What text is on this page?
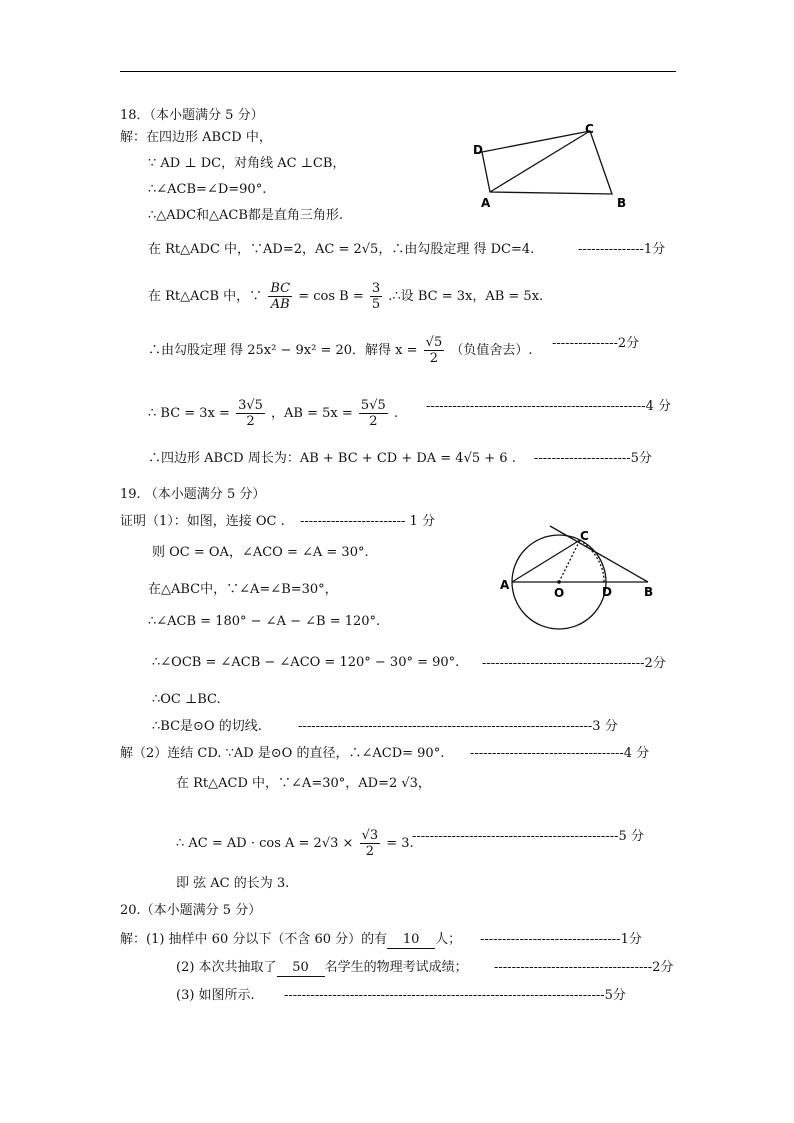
18．（本小题满分 5 分）
解：在四边形 ABCD 中，
∵ AD ⊥ DC，对角线 AC ⊥CB，
∴∠ACB=∠D=90°.
∴△ADC和△ACB都是直角三角形.
在 Rt△ADC 中，∵AD=2，AC = 2√5，∴由勾股定理 得 DC=4.	---------------1分
在 Rt△ACB 中，∵ $\frac{BC}{AB} = \cos B = \frac{3}{5}$ .∴设 BC = 3x，AB = 5x.
∴由勾股定理 得 25x² − 9x² = 20．解得 $x = \frac{√5}{2}$ （负值舍去）. ---------------2分
∴ BC = $3x = \frac{3√5}{2}$ ，AB = $5x = \frac{5√5}{2}$ . --------------------------------------------------4 分
∴四边形 ABCD 周长为：AB + BC + CD + DA = 4√5 + 6 . ----------------------5分
D
C
A	B
19. （本小题满分 5 分）
证明（1）：如图，连接 OC . ------------------------ 1 分
则 OC = OA，∠ACO = ∠A = 30°.
在△ABC中，∵∠A=∠B=30°，
∴∠ACB = 180° − ∠A − ∠B = 120°.
∴∠OCB = ∠ACB − ∠ACO = 120° − 30° = 90°. -------------------------------------2分
∴OC ⊥BC.
∴BC是⊙O 的切线.	-------------------------------------------------------------------3 分
解（2）连结 CD. ∵AD 是⊙O 的直径，∴∠ACD= 90°. -----------------------------------4 分
在 Rt△ACD 中，∵∠A=30°，AD=2 √3，
∴ AC = AD · $\cos A = 2√3 \times \frac{√3}{2} = 3$.
-----------------------------------------------5 分
即 弦 AC 的长为 3.
A
C
O	D	B
20.（本小题满分 5 分）
解：(1) 抽样中 60 分以下（不含 60 分）的有 10 人； --------------------------------1分
(2) 本次共抽取了 50 名学生的物理考试成绩； ------------------------------------2分
(3) 如图所示. -------------------------------------------------------------------------5分
